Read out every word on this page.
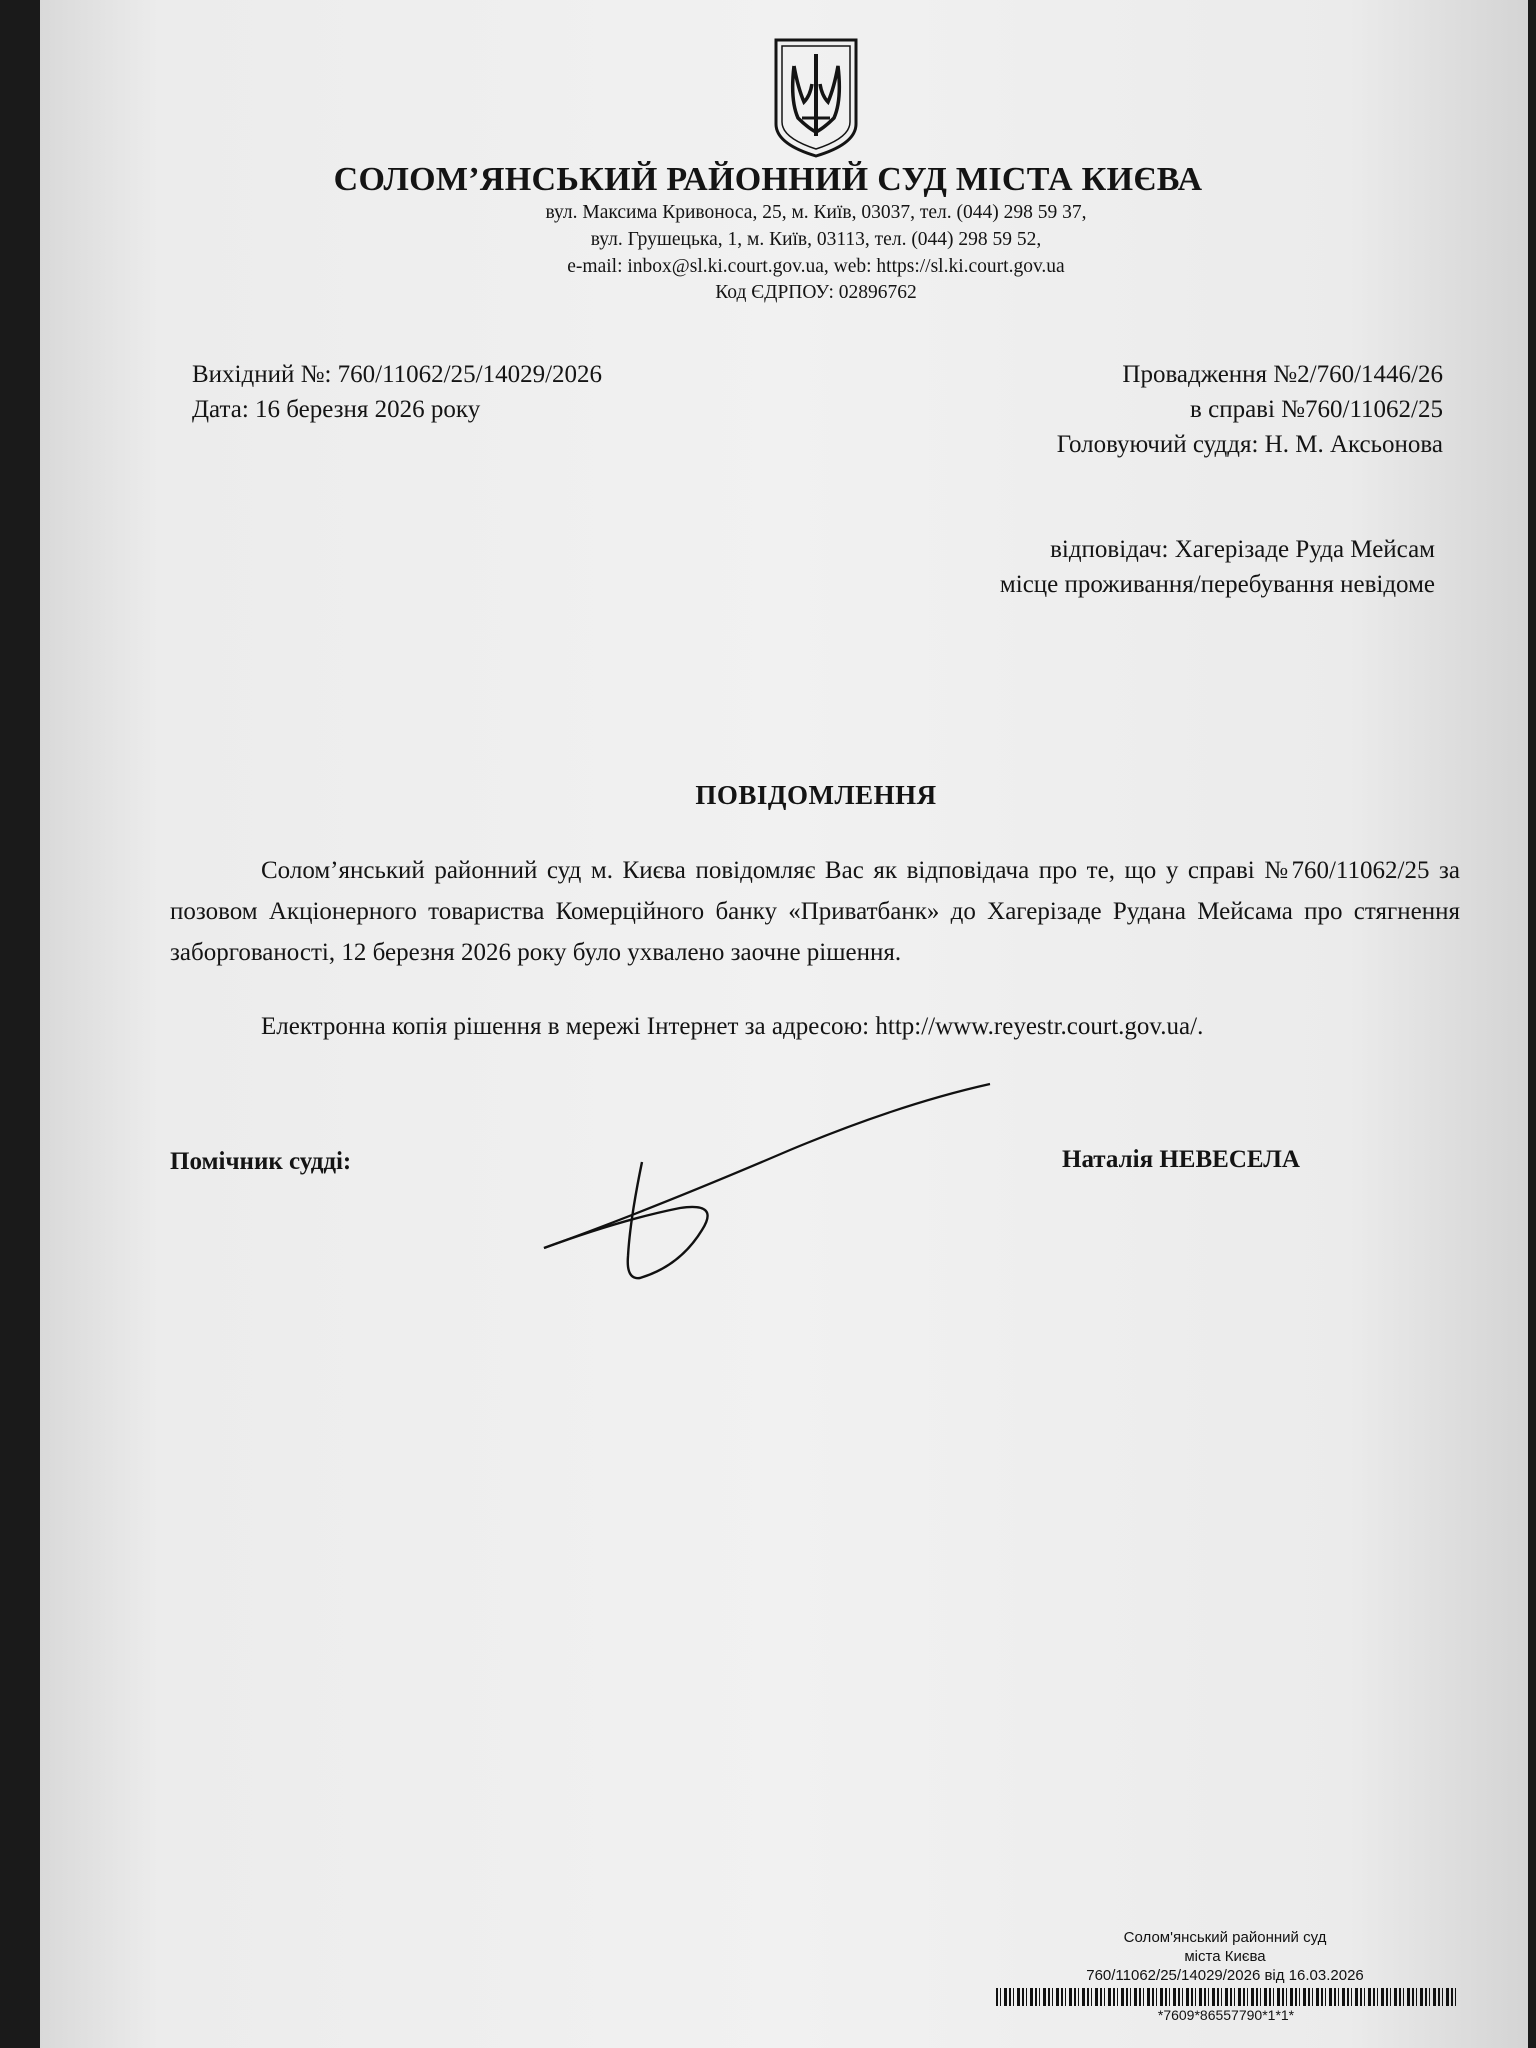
СОЛОМ’ЯНСЬКИЙ РАЙОННИЙ СУД МІСТА КИЄВА
вул. Максима Кривоноса, 25, м. Київ, 03037, тел. (044) 298 59 37,
вул. Грушецька, 1, м. Київ, 03113, тел. (044) 298 59 52,
e-mail: inbox@sl.ki.court.gov.ua, web: https://sl.ki.court.gov.ua
Код ЄДРПОУ: 02896762
Вихідний №: 760/11062/25/14029/2026
Дата: 16 березня 2026 року
Провадження №2/760/1446/26
в справі №760/11062/25
Головуючий суддя: Н. М. Аксьонова
відповідач: Хагерізаде Руда Мейсам
місце проживання/перебування невідоме
ПОВІДОМЛЕННЯ

Солом’янський районний суд м. Києва повідомляє Вас як відповідача про те, що у справі №760/11062/25 за позовом Акціонерного товариства Комерційного банку «Приватбанк» до Хагерізаде Рудана Мейсама про стягнення заборгованості, 12 березня 2026 року було ухвалено заочне рішення.

Електронна копія рішення в мережі Інтернет за адресою: http://www.reyestr.court.gov.ua/.

Помічник судді:	Наталія НЕВЕСЕЛА
Солом'янський районний суд
міста Києва
760/11062/25/14029/2026 від 16.03.2026
*7609*86557790*1*1*
